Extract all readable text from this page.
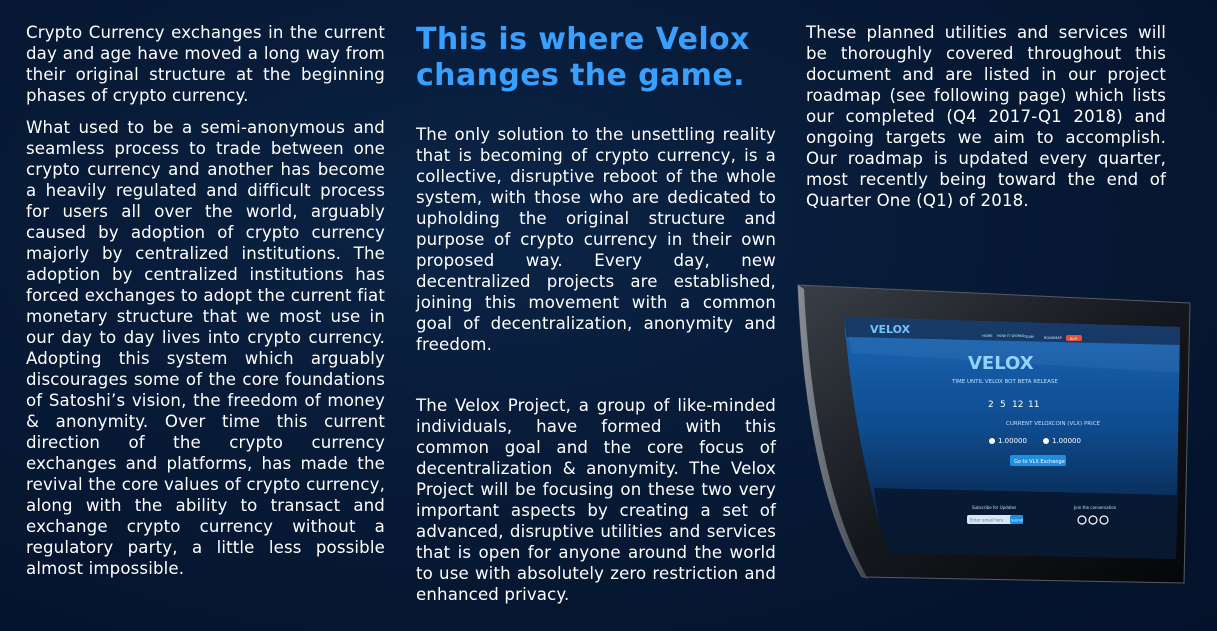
Crypto Currency exchanges in the current day and age have moved a long way from their original structure at the beginning phases of crypto currency.

What used to be a semi-anonymous and seamless process to trade between one crypto currency and another has become a heavily regulated and difficult process for users all over the world, arguably caused by adoption of crypto currency majorly by centralized institutions. The adoption by centralized institutions has forced exchanges to adopt the current fiat monetary structure that we most use in our day to day lives into crypto currency. Adopting this system which arguably discourages some of the core foundations of Satoshi’s vision, the freedom of money & anonymity. Over time this current direction of the crypto currency exchanges and platforms, has made the revival the core values of crypto currency, along with the ability to transact and exchange crypto currency without a regulatory party, a little less possible almost impossible.

This is where Velox changes the game.

The only solution to the unsettling reality that is becoming of crypto currency, is a collective, disruptive reboot of the whole system, with those who are dedicated to upholding the original structure and purpose of crypto currency in their own proposed way. Every day, new decentralized projects are established, joining this movement with a common goal of decentralization, anonymity and freedom.

The Velox Project, a group of like-minded individuals, have formed with this common goal and the core focus of decentralization & anonymity. The Velox Project will be focusing on these two very important aspects by creating a set of advanced, disruptive utilities and services that is open for anyone around the world to use with absolutely zero restriction and enhanced privacy.

These planned utilities and services will be thoroughly covered throughout this document and are listed in our project roadmap (see following page) which lists our completed (Q4 2017-Q1 2018) and ongoing targets we aim to accomplish. Our roadmap is updated every quarter, most recently being toward the end of Quarter One (Q1) of 2018.

VELOX	HOME HOW IT WORKS TEAM	ROADMAP BUY
VELOX
TIME UNTIL VELOX BOT BETA RELEASE
2 5 12 11
CURRENT VELOXCOIN (VLX) PRICE
1.00000	1.00000
Go to VLX Exchange
Subscribe for Updates
Enter email here Submit
Join the conversation
